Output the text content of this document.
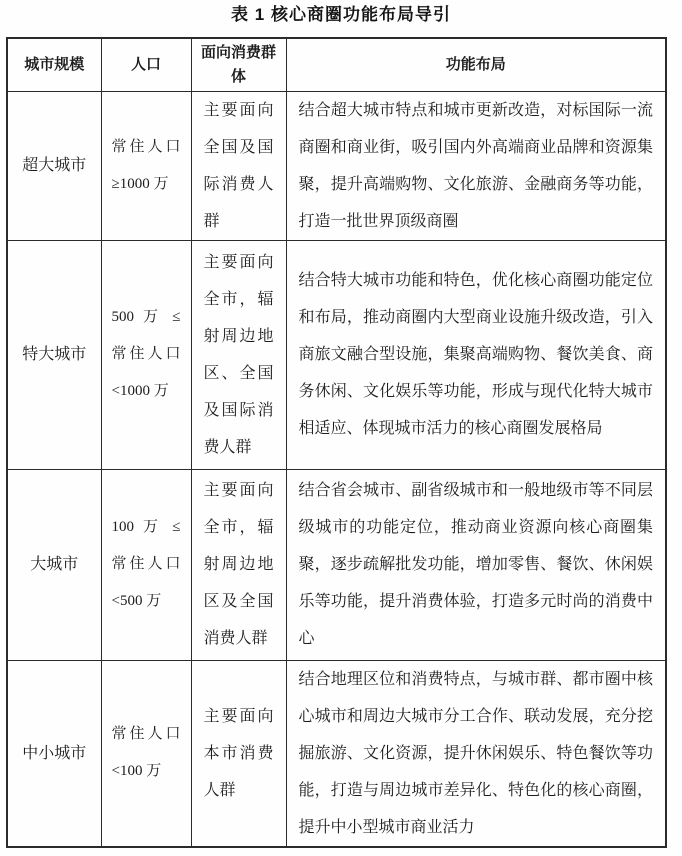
表 1 核心商圈功能布局导引
城市规模	人口	面向消费群体	功能布局
超大城市	常住人口 ≥1000 万	主要面向全国及国际消费人群	结合超大城市特点和城市更新改造，对标国际一流商圈和商业街，吸引国内外高端商业品牌和资源集聚，提升高端购物、文化旅游、金融商务等功能，打造一批世界顶级商圈
特大城市	500 万 ≤ 常住人口 <1000 万	主要面向全市，辐射周边地区、全国及国际消费人群	结合特大城市功能和特色，优化核心商圈功能定位和布局，推动商圈内大型商业设施升级改造，引入商旅文融合型设施，集聚高端购物、餐饮美食、商务休闲、文化娱乐等功能，形成与现代化特大城市相适应、体现城市活力的核心商圈发展格局
大城市	100 万 ≤ 常住人口 <500 万	主要面向全市，辐射周边地区及全国消费人群	结合省会城市、副省级城市和一般地级市等不同层级城市的功能定位，推动商业资源向核心商圈集聚，逐步疏解批发功能，增加零售、餐饮、休闲娱乐等功能，提升消费体验，打造多元时尚的消费中心
中小城市	常住人口 <100 万	主要面向本市消费人群	结合地理区位和消费特点，与城市群、都市圈中核心城市和周边大城市分工合作、联动发展，充分挖掘旅游、文化资源，提升休闲娱乐、特色餐饮等功能，打造与周边城市差异化、特色化的核心商圈，提升中小型城市商业活力
